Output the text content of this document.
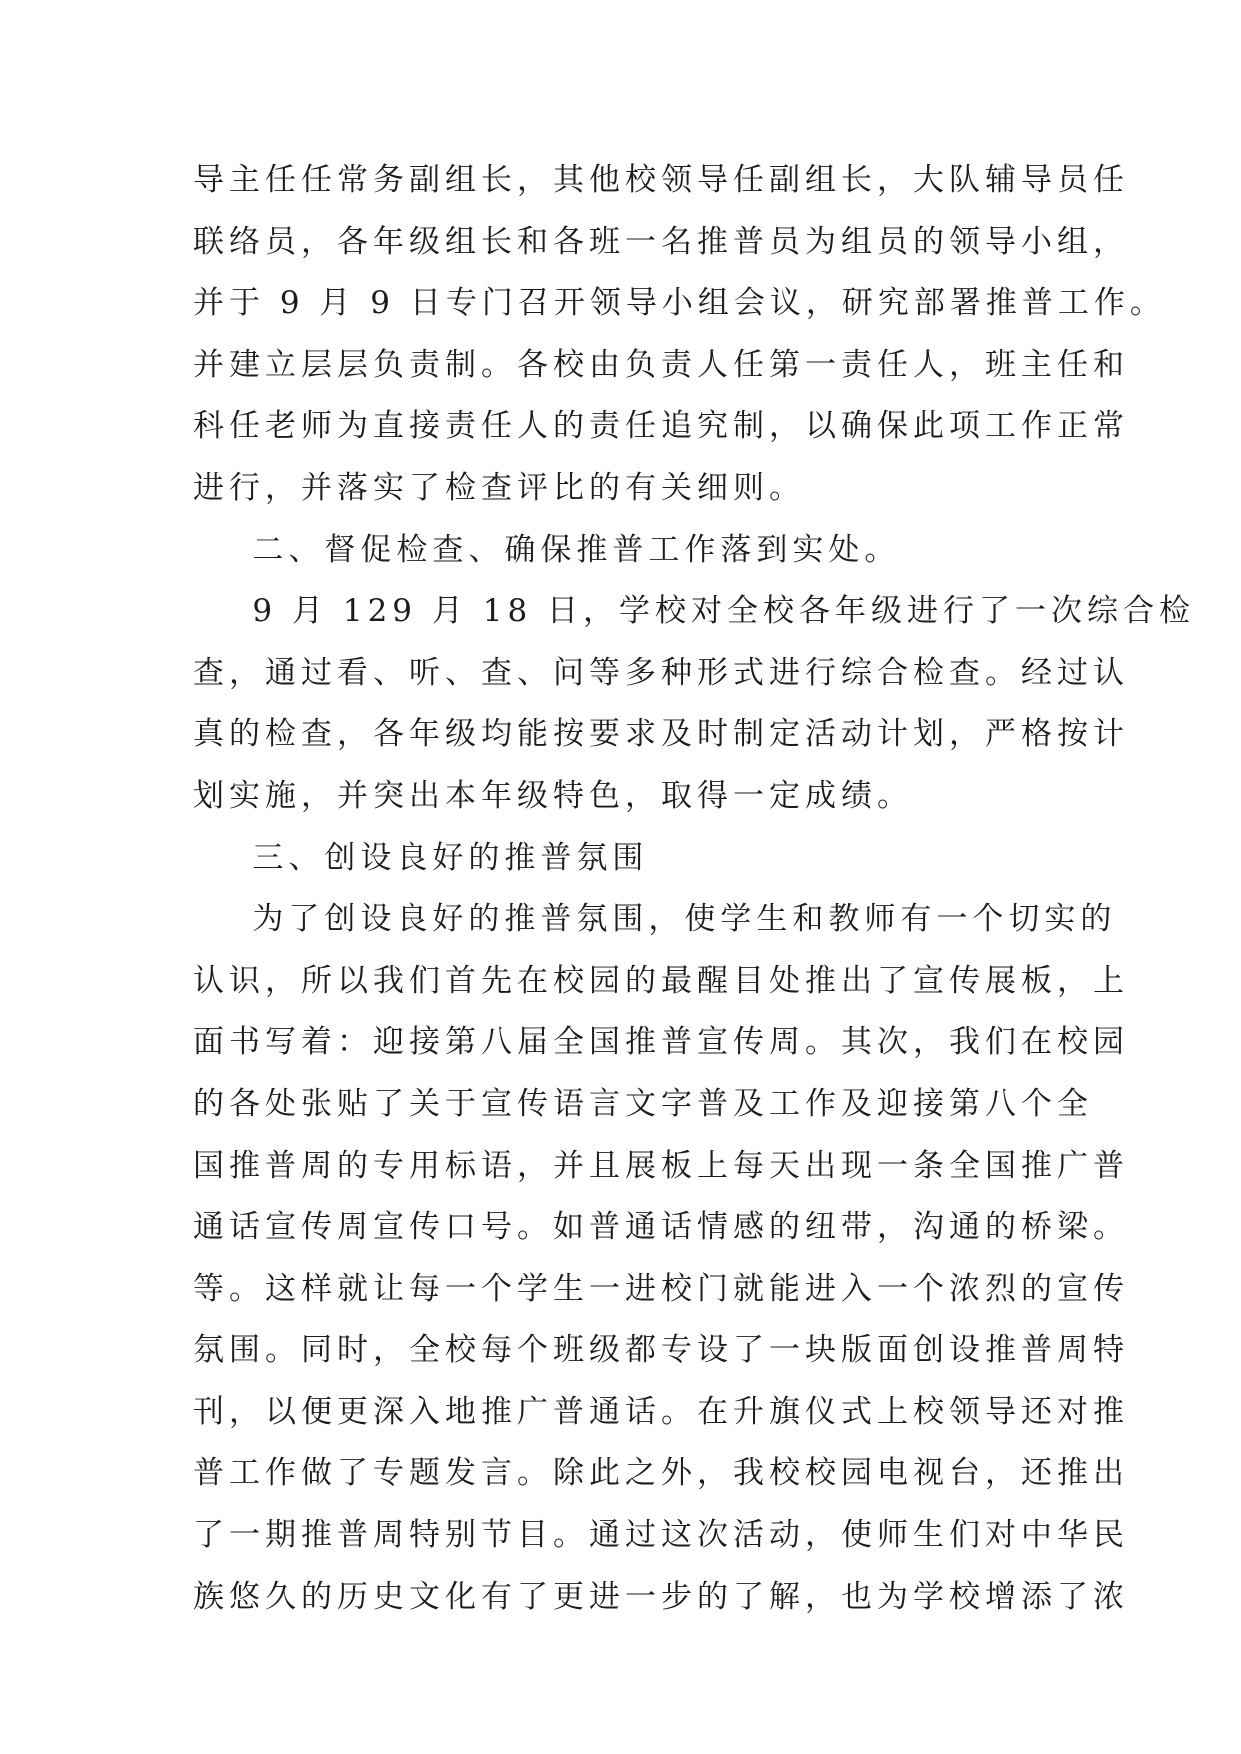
导主任任常务副组长，其他校领导任副组长，大队辅导员任
联络员，各年级组长和各班一名推普员为组员的领导小组，
并于 9 月 9 日专门召开领导小组会议，研究部署推普工作。
并建立层层负责制。各校由负责人任第一责任人，班主任和
科任老师为直接责任人的责任追究制，以确保此项工作正常
进行，并落实了检查评比的有关细则。
二、督促检查、确保推普工作落到实处。
9 月 129 月 18 日，学校对全校各年级进行了一次综合检
查，通过看、听、查、问等多种形式进行综合检查。经过认
真的检查，各年级均能按要求及时制定活动计划，严格按计
划实施，并突出本年级特色，取得一定成绩。
三、创设良好的推普氛围
为了创设良好的推普氛围，使学生和教师有一个切实的
认识，所以我们首先在校园的最醒目处推出了宣传展板，上
面书写着：迎接第八届全国推普宣传周。其次，我们在校园
的各处张贴了关于宣传语言文字普及工作及迎接第八个全
国推普周的专用标语，并且展板上每天出现一条全国推广普
通话宣传周宣传口号。如普通话情感的纽带，沟通的桥梁。
等。这样就让每一个学生一进校门就能进入一个浓烈的宣传
氛围。同时，全校每个班级都专设了一块版面创设推普周特
刊，以便更深入地推广普通话。在升旗仪式上校领导还对推
普工作做了专题发言。除此之外，我校校园电视台，还推出
了一期推普周特别节目。通过这次活动，使师生们对中华民
族悠久的历史文化有了更进一步的了解，也为学校增添了浓
